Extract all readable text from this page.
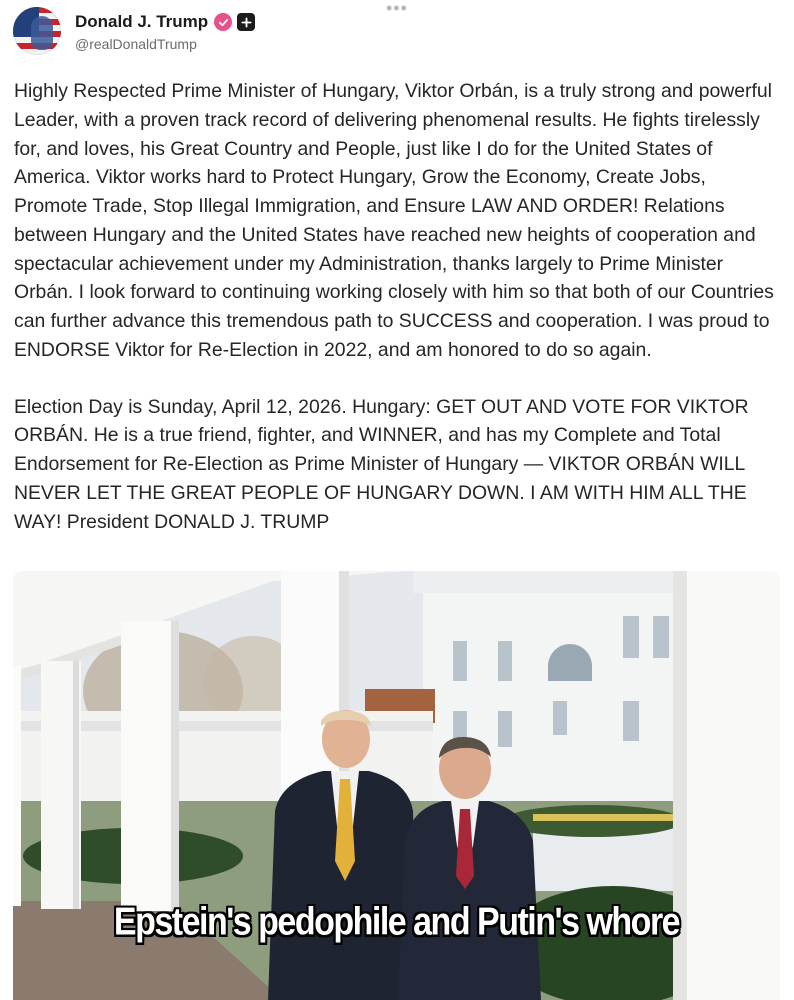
•••
Donald J. Trump
@realDonaldTrump

Highly Respected Prime Minister of Hungary, Viktor Orbán, is a truly strong and powerful Leader, with a proven track record of delivering phenomenal results. He fights tirelessly for, and loves, his Great Country and People, just like I do for the United States of America. Viktor works hard to Protect Hungary, Grow the Economy, Create Jobs, Promote Trade, Stop Illegal Immigration, and Ensure LAW AND ORDER! Relations between Hungary and the United States have reached new heights of cooperation and spectacular achievement under my Administration, thanks largely to Prime Minister Orbán. I look forward to continuing working closely with him so that both of our Countries can further advance this tremendous path to SUCCESS and cooperation. I was proud to ENDORSE Viktor for Re-Election in 2022, and am honored to do so again.

Election Day is Sunday, April 12, 2026. Hungary: GET OUT AND VOTE FOR VIKTOR ORBÁN. He is a true friend, fighter, and WINNER, and has my Complete and Total Endorsement for Re-Election as Prime Minister of Hungary — VIKTOR ORBÁN WILL NEVER LET THE GREAT PEOPLE OF HUNGARY DOWN. I AM WITH HIM ALL THE WAY! President DONALD J. TRUMP

Epstein's pedophile and Putin's whore
